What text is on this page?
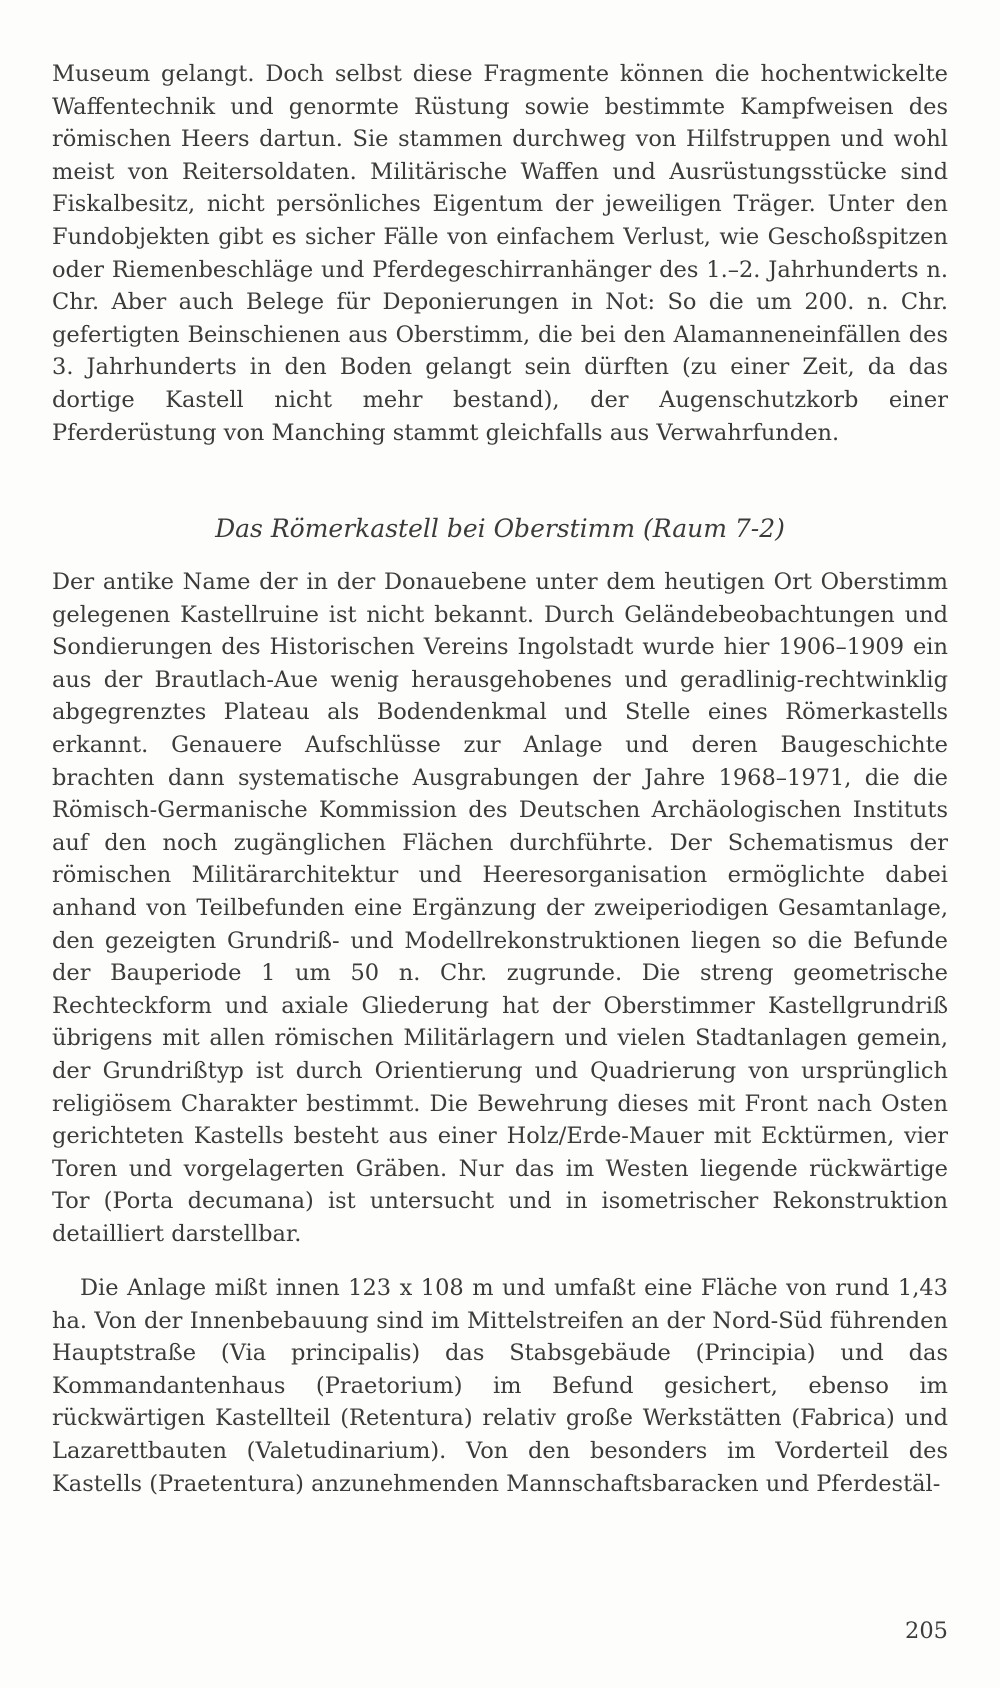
Museum gelangt. Doch selbst diese Fragmente können die hochentwickelte Waffentechnik und genormte Rüstung sowie bestimmte Kampfweisen des römischen Heers dartun. Sie stammen durchweg von Hilfstruppen und wohl meist von Reitersoldaten. Militärische Waffen und Ausrüstungsstücke sind Fiskalbesitz, nicht persönliches Eigentum der jeweiligen Träger. Unter den Fundobjekten gibt es sicher Fälle von einfachem Verlust, wie Geschoßspitzen oder Riemenbeschläge und Pferdegeschirranhänger des 1.–2. Jahrhunderts n. Chr. Aber auch Belege für Deponierungen in Not: So die um 200. n. Chr. gefertigten Beinschienen aus Oberstimm, die bei den Alamanneneinfällen des 3. Jahrhunderts in den Boden gelangt sein dürften (zu einer Zeit, da das dortige Kastell nicht mehr bestand), der Augenschutzkorb einer Pferderüstung von Manching stammt gleichfalls aus Verwahrfunden.

Das Römerkastell bei Oberstimm (Raum 7-2)

Der antike Name der in der Donauebene unter dem heutigen Ort Oberstimm gelegenen Kastellruine ist nicht bekannt. Durch Geländebeobachtungen und Sondierungen des Historischen Vereins Ingolstadt wurde hier 1906–1909 ein aus der Brautlach-Aue wenig herausgehobenes und geradlinig-rechtwinklig abgegrenztes Plateau als Bodendenkmal und Stelle eines Römerkastells erkannt. Genauere Aufschlüsse zur Anlage und deren Baugeschichte brachten dann systematische Ausgrabungen der Jahre 1968–1971, die die Römisch-Germanische Kommission des Deutschen Archäologischen Instituts auf den noch zugänglichen Flächen durchführte. Der Schematismus der römischen Militärarchitektur und Heeresorganisation ermöglichte dabei anhand von Teilbefunden eine Ergänzung der zweiperiodigen Gesamtanlage, den gezeigten Grundriß- und Modellrekonstruktionen liegen so die Befunde der Bauperiode 1 um 50 n. Chr. zugrunde. Die streng geometrische Rechteckform und axiale Gliederung hat der Oberstimmer Kastellgrundriß übrigens mit allen römischen Militärlagern und vielen Stadtanlagen gemein, der Grundrißtyp ist durch Orientierung und Quadrierung von ursprünglich religiösem Charakter bestimmt. Die Bewehrung dieses mit Front nach Osten gerichteten Kastells besteht aus einer Holz/Erde-Mauer mit Ecktürmen, vier Toren und vorgelagerten Gräben. Nur das im Westen liegende rückwärtige Tor (Porta decumana) ist untersucht und in isometrischer Rekonstruktion detailliert darstellbar.

Die Anlage mißt innen 123 x 108 m und umfaßt eine Fläche von rund 1,43 ha. Von der Innenbebauung sind im Mittelstreifen an der Nord-Süd führenden Hauptstraße (Via principalis) das Stabsgebäude (Principia) und das Kommandantenhaus (Praetorium) im Befund gesichert, ebenso im rückwärtigen Kastellteil (Retentura) relativ große Werkstätten (Fabrica) und Lazarettbauten (Valetudinarium). Von den besonders im Vorderteil des Kastells (Praetentura) anzunehmenden Mannschaftsbaracken und Pferdestäl-

205
